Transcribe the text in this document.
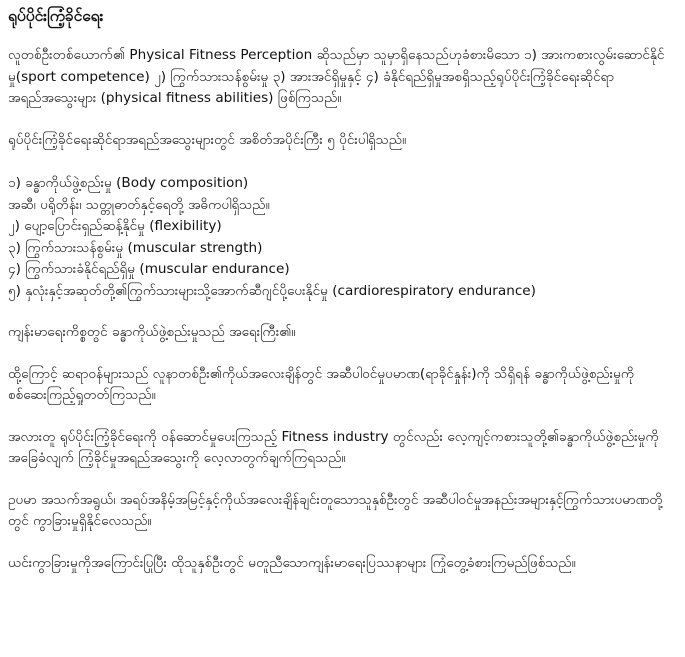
ရုပ်ပိုင်းကြံ့ခိုင်ရေး

လူတစ်ဦးတစ်ယောက်၏ Physical Fitness Perception ဆိုသည်မှာ သူမှာရှိနေသည်ဟုခံစားမိသော ၁) အားကစားလွမ်းဆောင်နိုင်မှု(sport competence) ၂) ကြွက်သားသန်စွမ်းမှု ၃) အားအင်ရှိမှုနှင့် ၄) ခံနိုင်ရည်ရှိမှုအစရှိသည့်ရုပ်ပိုင်းကြံ့ခိုင်ရေးဆိုင်ရာအရည်အသွေးများ (physical fitness abilities) ဖြစ်ကြသည်။

ရုပ်ပိုင်းကြံ့ခိုင်ရေးဆိုင်ရာအရည်အသွေးများတွင် အစိတ်အပိုင်းကြီး ၅ ပိုင်းပါရှိသည်။

၁) ခန္ဓာကိုယ်ဖွဲ့စည်းမှု (Body composition)
အဆီ၊ ပရိုတိန်း၊ သတ္တုဓာတ်နှင့်ရေတို့ အဓိကပါရှိသည်။
၂) ပျော့ပြောင်းရှည်ဆန့်နိုင်မှု (flexibility)
၃) ကြွက်သားသန်စွမ်းမှု (muscular strength)
၄) ကြွက်သားခံနိုင်ရည်ရှိမှု (muscular endurance)
၅) နှလုံးနှင့်အဆုတ်တို့၏ကြွက်သားများသို့အောက်ဆီဂျင်ပို့ပေးနိုင်မှု (cardiorespiratory endurance)

ကျန်းမာရေးကိစ္စတွင် ခန္ဓာကိုယ်ဖွဲ့စည်းမှုသည် အရေးကြီး၏။

ထို့ကြောင့် ဆရာဝန်များသည် လူနာတစ်ဦး၏ကိုယ်အလေးချိန်တွင် အဆီပါဝင်မှုပမာဏ(ရာခိုင်နှုန်း)ကို သိရှိရန် ခန္ဓာကိုယ်ဖွဲ့စည်းမှုကို စစ်ဆေးကြည့်ရှုတတ်ကြသည်။

အလားတူ ရုပ်ပိုင်းကြံ့ခိုင်ရေးကို ဝန်ဆောင်မှုပေးကြသည့် Fitness industry တွင်လည်း လေ့ကျင့်ကစားသူတို့၏ခန္ဓာကိုယ်ဖွဲ့စည်းမှုကိုအခြေခံလျက် ကြံ့ခိုင်မှုအရည်အသွေးကို လေ့လာတွက်ချက်ကြရသည်။

ဥပမာ အသက်အရွယ်၊ အရပ်အနိမ့်အမြင့်နှင့်ကိုယ်အလေးချိန်ချင်းတူသောသူနှစ်ဦးတွင် အဆီပါဝင်မှုအနည်းအများနှင့်ကြွက်သားပမာဏတို့တွင် ကွာခြားမှုရှိနိုင်လေသည်။

ယင်းကွာခြားမှုကိုအကြောင်းပြုပြီး ထိုသူနှစ်ဦးတွင် မတူညီသောကျန်းမာရေးပြဿနာများ ကြုံတွေ့ခံစားကြမည်ဖြစ်သည်။
